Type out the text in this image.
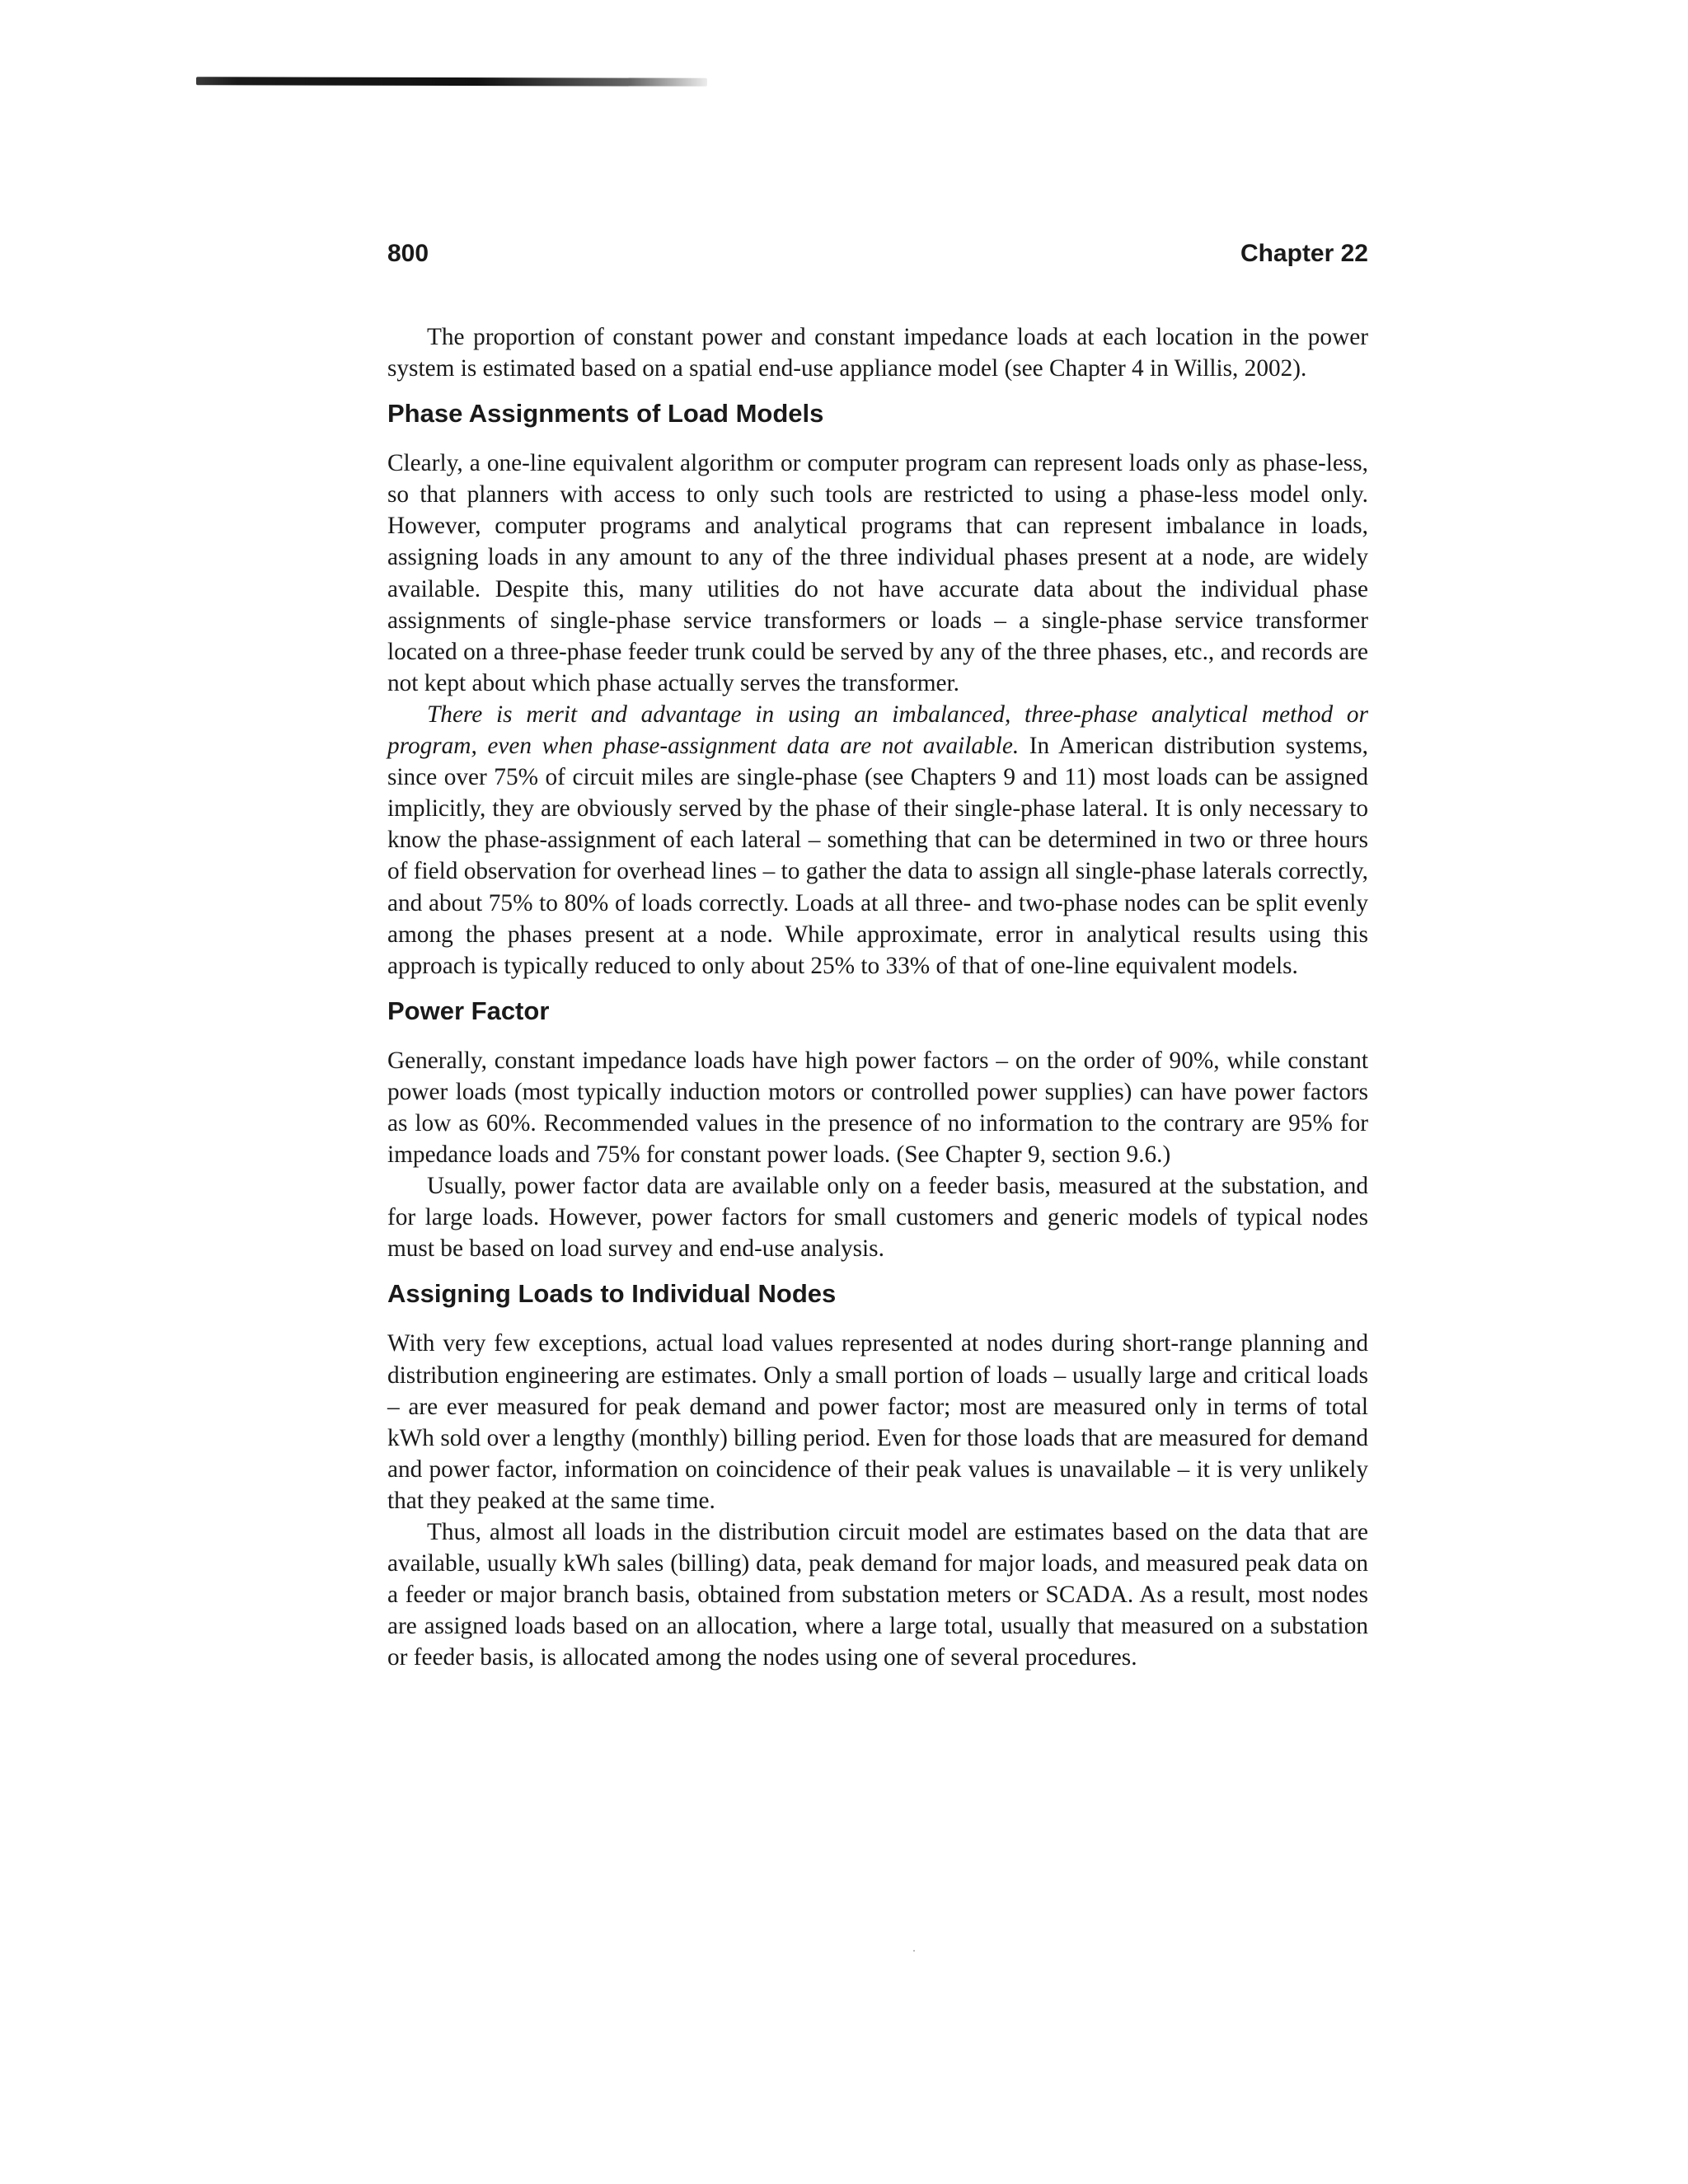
800	Chapter 22

The proportion of constant power and constant impedance loads at each location in the power system is estimated based on a spatial end-use appliance model (see Chapter 4 in Willis, 2002).

Phase Assignments of Load Models

Clearly, a one-line equivalent algorithm or computer program can represent loads only as phase-less, so that planners with access to only such tools are restricted to using a phase-less model only. However, computer programs and analytical programs that can represent imbalance in loads, assigning loads in any amount to any of the three individual phases present at a node, are widely available. Despite this, many utilities do not have accurate data about the individual phase assignments of single-phase service transformers or loads – a single-phase service transformer located on a three-phase feeder trunk could be served by any of the three phases, etc., and records are not kept about which phase actually serves the transformer.

There is merit and advantage in using an imbalanced, three-phase analytical method or program, even when phase-assignment data are not available. In American distribution systems, since over 75% of circuit miles are single-phase (see Chapters 9 and 11) most loads can be assigned implicitly, they are obviously served by the phase of their single-phase lateral. It is only necessary to know the phase-assignment of each lateral – something that can be determined in two or three hours of field observation for overhead lines – to gather the data to assign all single-phase laterals correctly, and about 75% to 80% of loads correctly. Loads at all three- and two-phase nodes can be split evenly among the phases present at a node. While approximate, error in analytical results using this approach is typically reduced to only about 25% to 33% of that of one-line equivalent models.

Power Factor

Generally, constant impedance loads have high power factors – on the order of 90%, while constant power loads (most typically induction motors or controlled power supplies) can have power factors as low as 60%. Recommended values in the presence of no information to the contrary are 95% for impedance loads and 75% for constant power loads. (See Chapter 9, section 9.6.)

Usually, power factor data are available only on a feeder basis, measured at the substation, and for large loads. However, power factors for small customers and generic models of typical nodes must be based on load survey and end-use analysis.

Assigning Loads to Individual Nodes

With very few exceptions, actual load values represented at nodes during short-range planning and distribution engineering are estimates. Only a small portion of loads – usually large and critical loads – are ever measured for peak demand and power factor; most are measured only in terms of total kWh sold over a lengthy (monthly) billing period. Even for those loads that are measured for demand and power factor, information on coincidence of their peak values is unavailable – it is very unlikely that they peaked at the same time.

Thus, almost all loads in the distribution circuit model are estimates based on the data that are available, usually kWh sales (billing) data, peak demand for major loads, and measured peak data on a feeder or major branch basis, obtained from substation meters or SCADA. As a result, most nodes are assigned loads based on an allocation, where a large total, usually that measured on a substation or feeder basis, is allocated among the nodes using one of several procedures.
